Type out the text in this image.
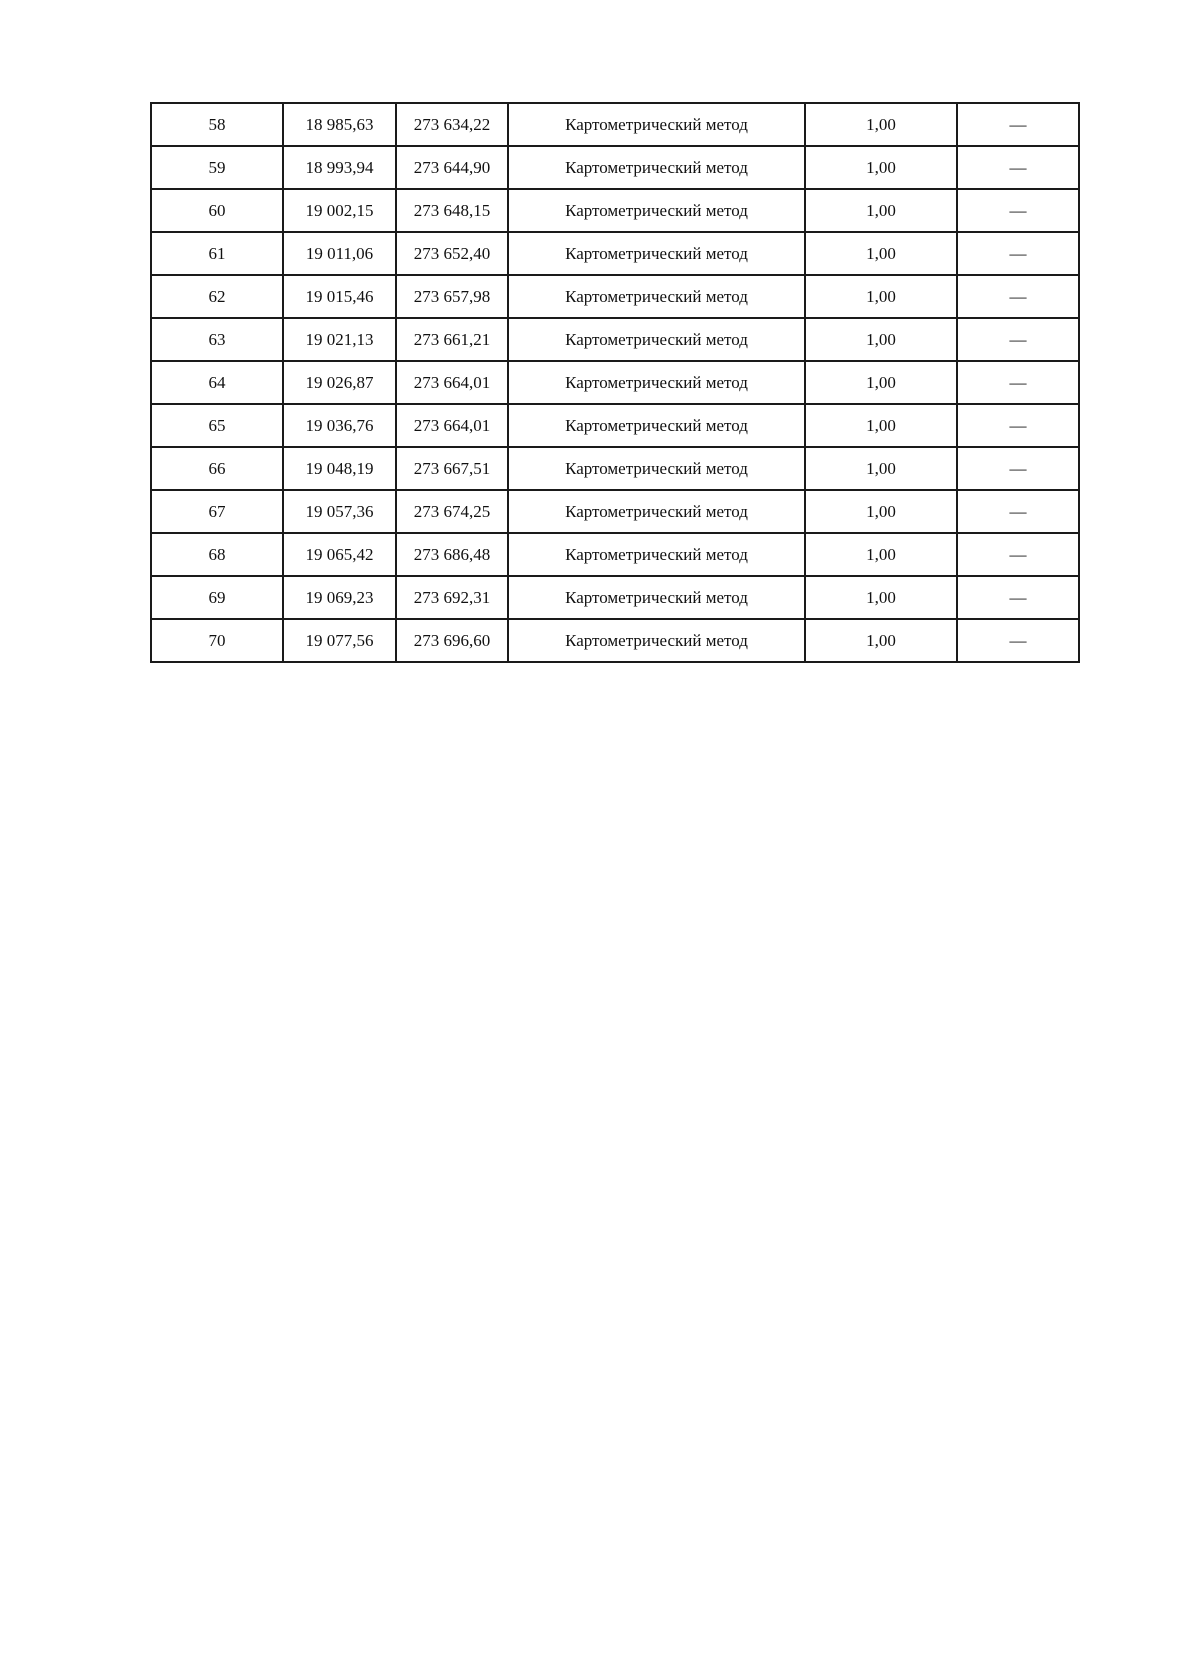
58	18 985,63	273 634,22	Картометрический метод	1,00	—
59	18 993,94	273 644,90	Картометрический метод	1,00	—
60	19 002,15	273 648,15	Картометрический метод	1,00	—
61	19 011,06	273 652,40	Картометрический метод	1,00	—
62	19 015,46	273 657,98	Картометрический метод	1,00	—
63	19 021,13	273 661,21	Картометрический метод	1,00	—
64	19 026,87	273 664,01	Картометрический метод	1,00	—
65	19 036,76	273 664,01	Картометрический метод	1,00	—
66	19 048,19	273 667,51	Картометрический метод	1,00	—
67	19 057,36	273 674,25	Картометрический метод	1,00	—
68	19 065,42	273 686,48	Картометрический метод	1,00	—
69	19 069,23	273 692,31	Картометрический метод	1,00	—
70	19 077,56	273 696,60	Картометрический метод	1,00	—
